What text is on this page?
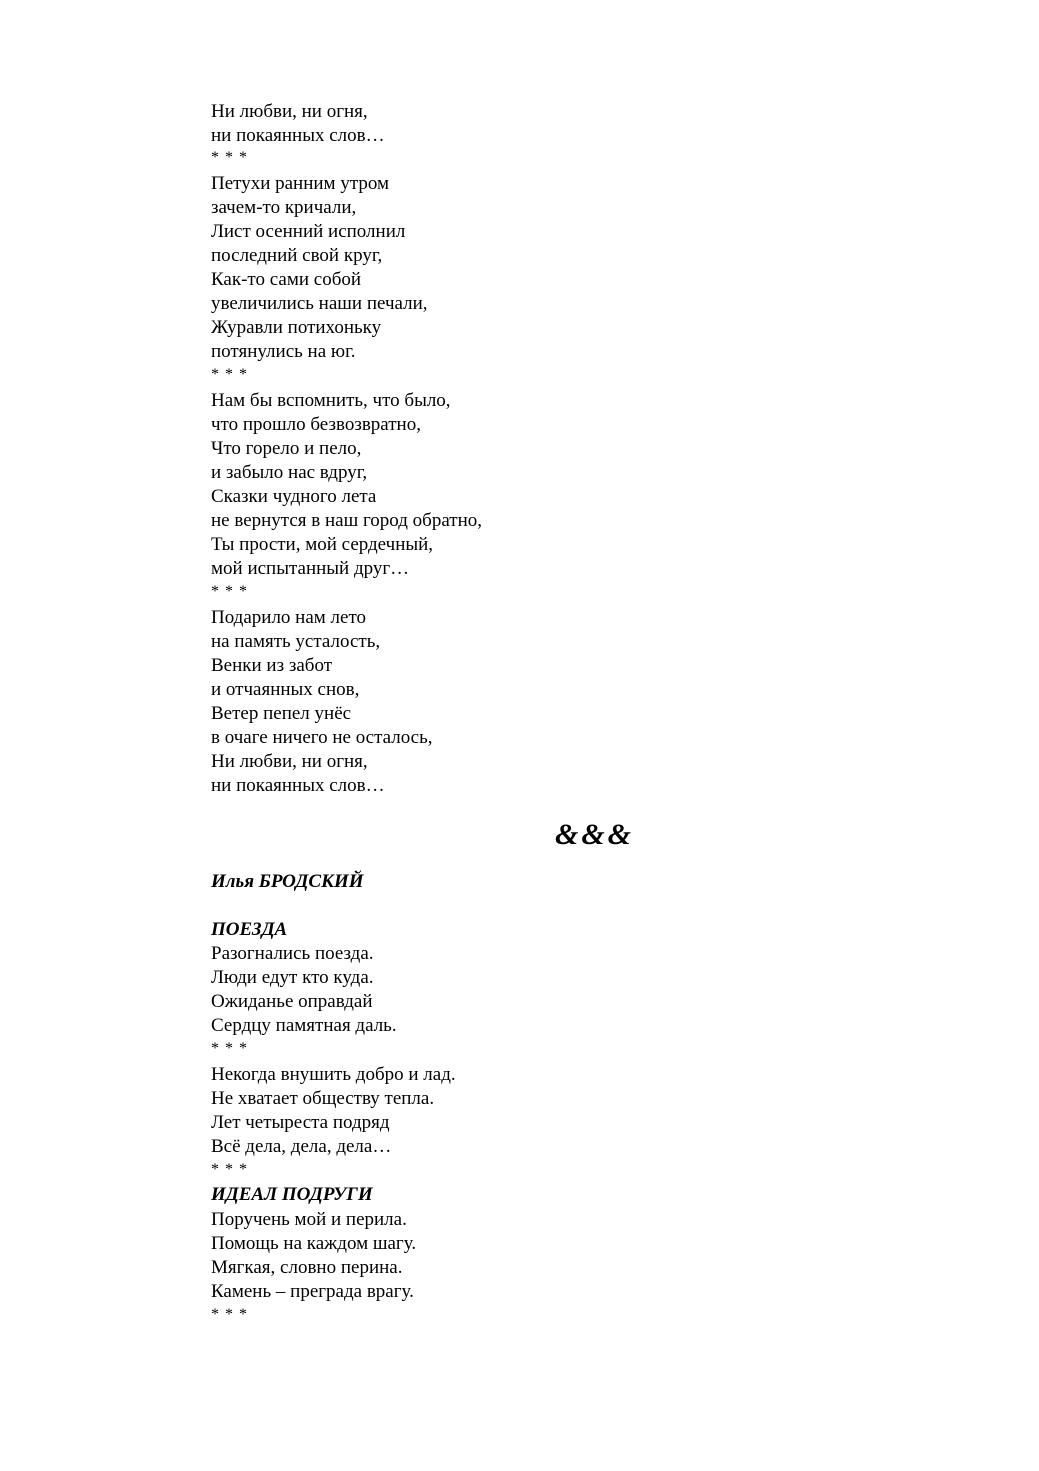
Ни любви, ни огня,
ни покаянных слов…
* * *
Петухи ранним утром
зачем-то кричали,
Лист осенний исполнил
последний свой круг,
Как-то сами собой
увеличились наши печали,
Журавли потихоньку
потянулись на юг.
* * *
Нам бы вспомнить, что было,
что прошло безвозвратно,
Что горело и пело,
и забыло нас вдруг,
Сказки чудного лета
не вернутся в наш город обратно,
Ты прости, мой сердечный,
мой испытанный друг…
* * *
Подарило нам лето
на память усталость,
Венки из забот
и отчаянных снов,
Ветер пепел унёс
в очаге ничего не осталось,
Ни любви, ни огня,
ни покаянных слов…
&&&
Илья БРОДСКИЙ
ПОЕЗДА
Разогнались поезда.
Люди едут кто куда.
Ожиданье оправдай
Сердцу памятная даль.
* * *
Некогда внушить добро и лад.
Не хватает обществу тепла.
Лет четыреста подряд
Всё дела, дела, дела…
* * *
ИДЕАЛ ПОДРУГИ
Поручень мой и перила.
Помощь на каждом шагу.
Мягкая, словно перина.
Камень – преграда врагу.
* * *
